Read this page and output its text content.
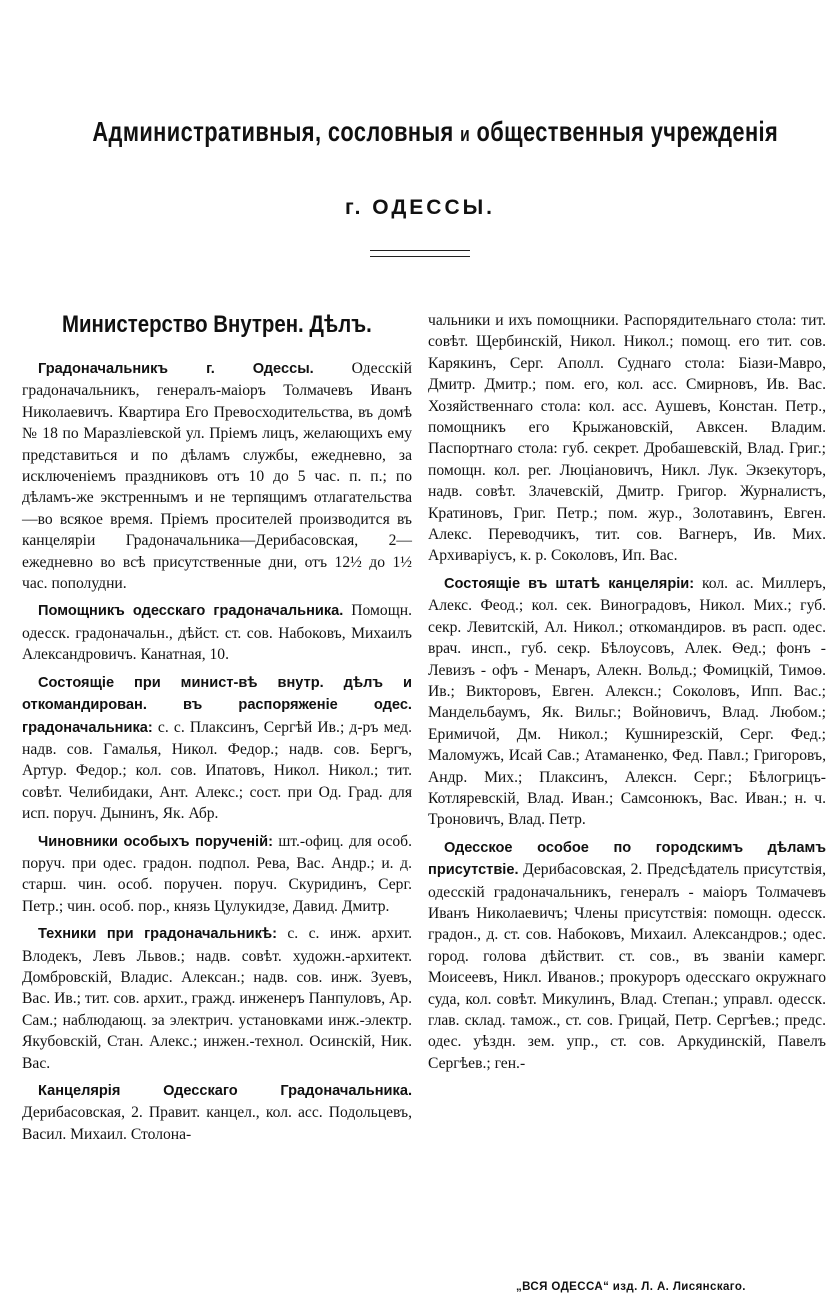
Административныя, сословныя и общественныя учрежденія
г. ОДЕССЫ.
Министерство Внутрен. Дѣлъ.

Градоначальникъ г. Одессы. Одесскій градоначальникъ, генералъ-маіоръ Толмачевъ Иванъ Николаевичъ. Квартира Его Превосходительства, въ домѣ № 18 по Маразліевской ул. Пріемъ лицъ, желающихъ ему представиться и по дѣламъ службы, ежедневно, за исключеніемъ праздниковъ отъ 10 до 5 час. п. п.; по дѣламъ-же экстреннымъ и не терпящимъ отлагательства—во всякое время. Пріемъ просителей производится въ канцеляріи Градоначальника—Дерибасовская, 2—ежедневно во всѣ присутственные дни, отъ 12½ до 1½ час. пополудни.

Помощникъ одесскаго градоначальника. Помощн. одесск. градоначальн., дѣйст. ст. сов. Набоковъ, Михаилъ Александровичъ. Канатная, 10.

Состоящіе при минист-вѣ внутр. дѣлъ и откомандирован. въ распоряженіе одес. градоначальника: с. с. Плаксинъ, Сергѣй Ив.; д-ръ мед. надв. сов. Гамалья, Никол. Федор.; надв. сов. Бергъ, Артур. Федор.; кол. сов. Ипатовъ, Никол. Никол.; тит. совѣт. Челибидаки, Ант. Алекс.; сост. при Од. Град. для исп. поруч. Дынинъ, Як. Абр.

Чиновники особыхъ порученій: шт.-офиц. для особ. поруч. при одес. градон. подпол. Рева, Вас. Андр.; и. д. старш. чин. особ. поручен. поруч. Скуридинъ, Серг. Петр.; чин. особ. пор., князь Цулукидзе, Давид. Дмитр.

Техники при градоначальникѣ: с. с. инж. архит. Влодекъ, Левъ Львов.; надв. совѣт. художн.-архитект. Домбровскій, Владис. Алексан.; надв. сов. инж. Зуевъ, Вас. Ив.; тит. сов. архит., гражд. инженеръ Панпуловъ, Ар. Сам.; наблюдающ. за электрич. установками инж.-электр. Якубовскій, Стан. Алекс.; инжен.-технол. Осинскій, Ник. Вас.

Канцелярія Одесскаго Градоначальника. Дерибасовская, 2. Правит. канцел., кол. асс. Подольцевъ, Васил. Михаил. Столона-

чальники и ихъ помощники. Распорядительнаго стола: тит. совѣт. Щербинскій, Никол. Никол.; помощ. его тит. сов. Карякинъ, Серг. Аполл. Суднаго стола: Біази-Мавро, Дмитр. Дмитр.; пом. его, кол. асс. Смирновъ, Ив. Вас. Хозяйственнаго стола: кол. асс. Аушевъ, Констан. Петр., помощникъ его Крыжановскій, Авксен. Владим. Паспортнаго стола: губ. секрет. Дробашевскій, Влад. Григ.; помощн. кол. рег. Люціановичъ, Никл. Лук. Экзекуторъ, надв. совѣт. Злачевскій, Дмитр. Григор. Журналистъ, Кратиновъ, Григ. Петр.; пом. жур., Золотавинъ, Евген. Алекс. Переводчикъ, тит. сов. Вагнеръ, Ив. Мих. Архиваріусъ, к. р. Соколовъ, Ип. Вас.

Состоящіе въ штатѣ канцеляріи: кол. ас. Миллеръ, Алекс. Феод.; кол. сек. Виноградовъ, Никол. Мих.; губ. секр. Левитскій, Ал. Никол.; откомандиров. въ расп. одес. врач. инсп., губ. секр. Бѣлоусовъ, Алек. Ѳед.; фонъ - Левизъ - офъ - Менаръ, Алекн. Вольд.; Фомицкій, Тимоѳ. Ив.; Викторовъ, Евген. Алексн.; Соколовъ, Ипп. Вас.; Мандельбаумъ, Як. Вильг.; Войновичъ, Влад. Любом.; Еримичой, Дм. Никол.; Кушнирезскій, Серг. Фед.; Маломужъ, Исай Сав.; Атаманенко, Фед. Павл.; Григоровъ, Андр. Мих.; Плаксинъ, Алексн. Серг.; Бѣлогрицъ-Котляревскій, Влад. Иван.; Самсонюкъ, Вас. Иван.; н. ч. Троновичъ, Влад. Петр.

Одесское особое по городскимъ дѣламъ присутствіе. Дерибасовская, 2. Предсѣдатель присутствія, одесскій градоначальникъ, генералъ - маіоръ Толмачевъ Иванъ Николаевичъ; Члены присутствія: помощн. одесск. градон., д. ст. сов. Набоковъ, Михаил. Александров.; одес. город. голова дѣйствит. ст. сов., въ званіи камерг. Моисеевъ, Никл. Иванов.; прокуроръ одесскаго окружнаго суда, кол. совѣт. Микулинъ, Влад. Степан.; управл. одесск. глав. склад. тамож., ст. сов. Грицай, Петр. Сергѣев.; предс. одес. уѣздн. зем. упр., ст. сов. Аркудинскій, Павелъ Сергѣев.; ген.-

„ВСЯ ОДЕССА“ изд. Л. А. Лисянскаго.
